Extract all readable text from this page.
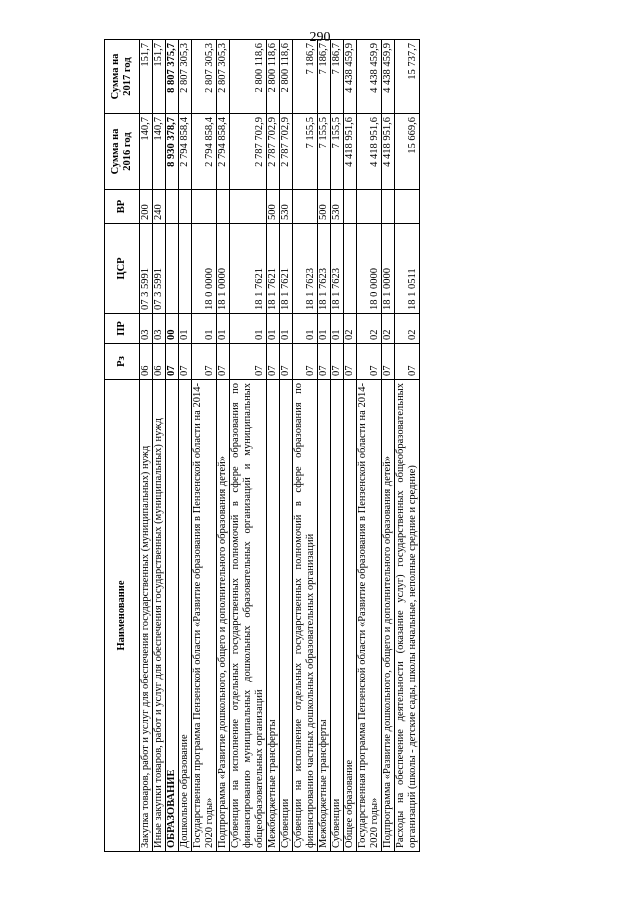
290
Наименование	Рз	ПР	ЦСР	ВР	Сумма на 2016 год	Сумма на 2017 год
Закупка товаров, работ и услуг для обеспечения государственных (муниципальных) нужд	06	03	07 3 5991	200	140,7	151,7
Иные закупки товаров, работ и услуг для обеспечения государственных (муниципальных) нужд	06	03	07 3 5991	240	140,7	151,7
ОБРАЗОВАНИЕ	07	00			8 930 378,7	8 807 375,7
Дошкольное образование	07	01			2 794 858,4	2 807 305,3
Государственная программа Пензенской области «Развитие образования в Пензенской области на 2014-2020 годы»	07	01	18 0 0000		2 794 858,4	2 807 305,3
Подпрограмма «Развитие дошкольного, общего и дополнительного образования детей»	07	01	18 1 0000		2 794 858,4	2 807 305,3
Субвенции на исполнение отдельных государственных полномочий в сфере образования по финансированию муниципальных дошкольных образовательных организаций и муниципальных общеобразовательных организаций	07	01	18 1 7621		2 787 702,9	2 800 118,6
Межбюджетные трансферты	07	01	18 1 7621	500	2 787 702,9	2 800 118,6
Субвенции	07	01	18 1 7621	530	2 787 702,9	2 800 118,6
Субвенции на исполнение отдельных государственных полномочий в сфере образования по финансированию частных дошкольных образовательных организаций	07	01	18 1 7623		7 155,5	7 186,7
Межбюджетные трансферты	07	01	18 1 7623	500	7 155,5	7 186,7
Субвенции	07	01	18 1 7623	530	7 155,5	7 186,7
Общее образование	07	02			4 418 951,6	4 438 459,9
Государственная программа Пензенской области «Развитие образования в Пензенской области на 2014-2020 годы»	07	02	18 0 0000		4 418 951,6	4 438 459,9
Подпрограмма «Развитие дошкольного, общего и дополнительного образования детей»	07	02	18 1 0000		4 418 951,6	4 438 459,9
Расходы на обеспечение деятельности (оказание услуг) государственных общеобразовательных организаций (школы - детские сады, школы начальные, неполные средние и средние)	07	02	18 1 0511		15 669,6	15 737,7
